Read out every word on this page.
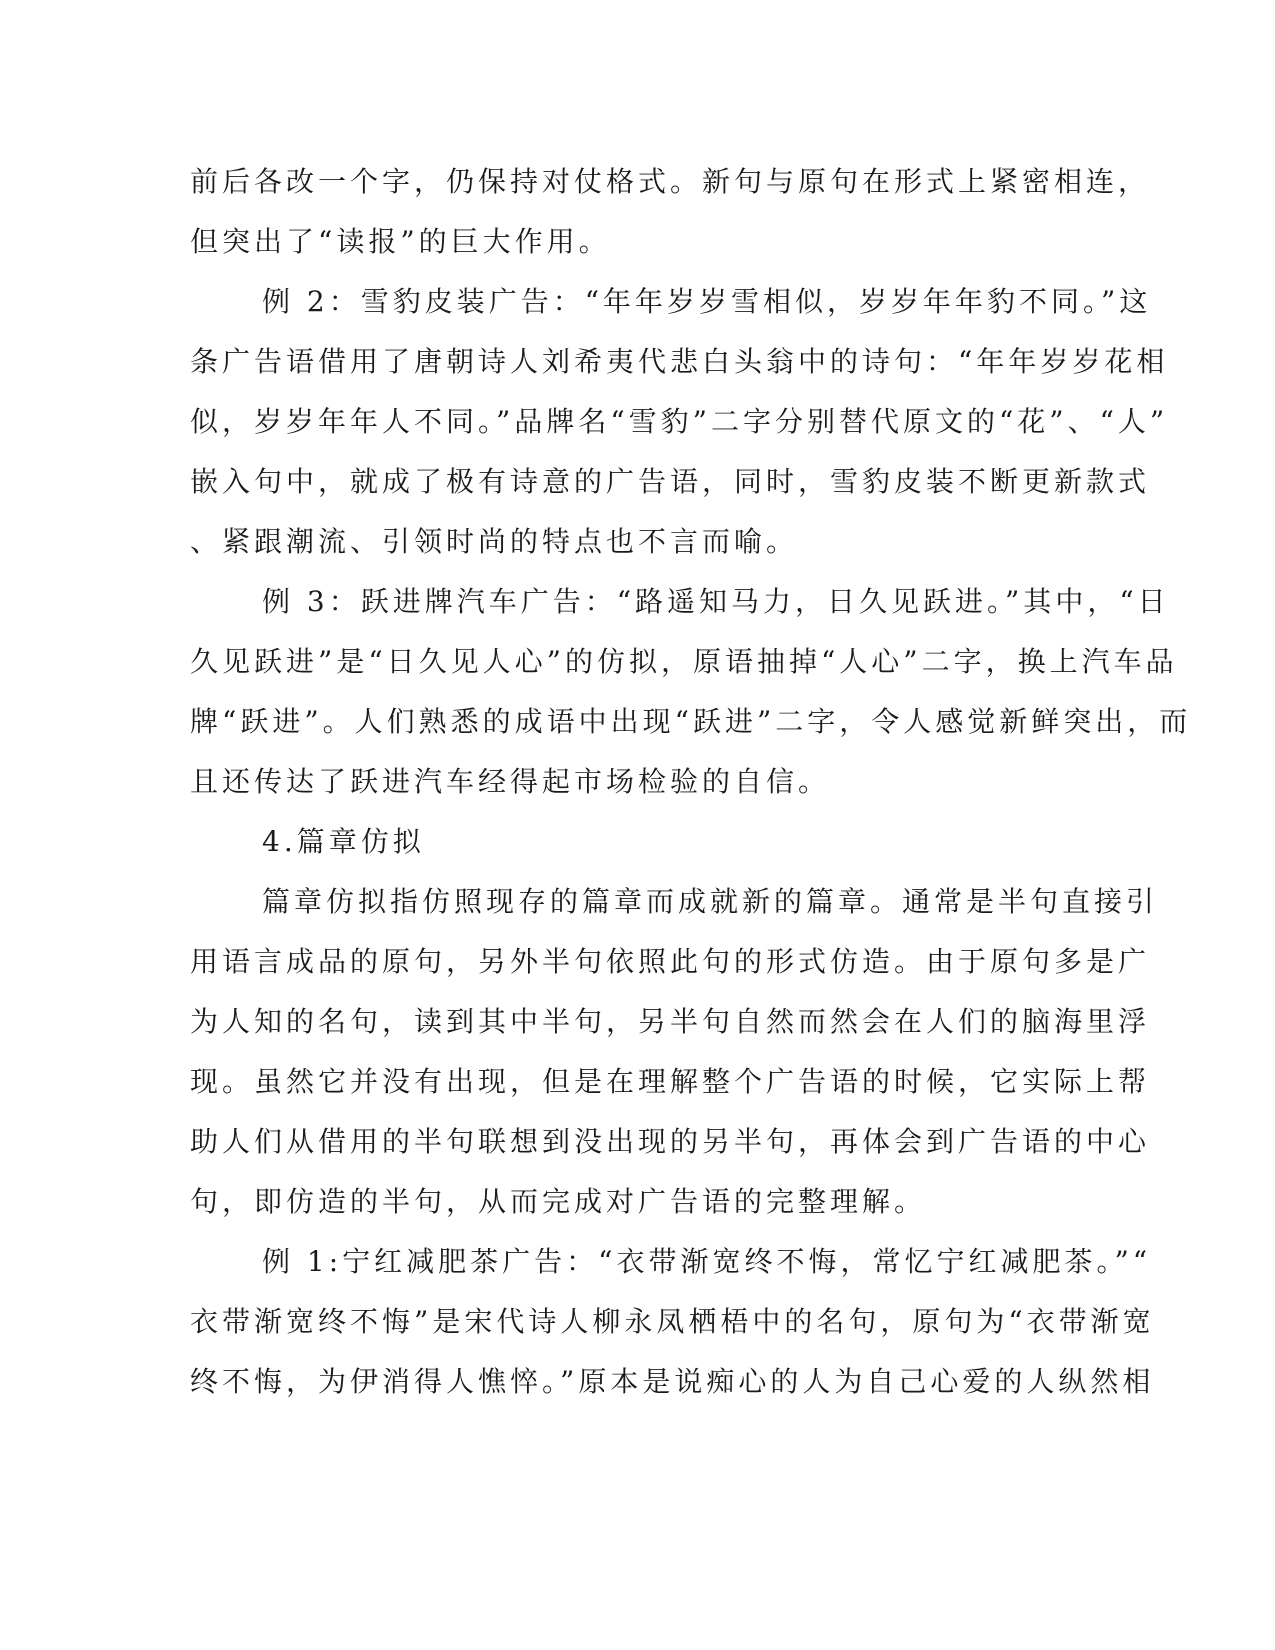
前后各改一个字，仍保持对仗格式。新句与原句在形式上紧密相连，
但突出了“读报”的巨大作用。
例 2：雪豹皮装广告：“年年岁岁雪相似，岁岁年年豹不同。”这
条广告语借用了唐朝诗人刘希夷代悲白头翁中的诗句：“年年岁岁花相
似，岁岁年年人不同。”品牌名“雪豹”二字分别替代原文的“花”、“人”
嵌入句中，就成了极有诗意的广告语，同时，雪豹皮装不断更新款式
、紧跟潮流、引领时尚的特点也不言而喻。
例 3：跃进牌汽车广告：“路遥知马力，日久见跃进。”其中，“日
久见跃进”是“日久见人心”的仿拟，原语抽掉“人心”二字，换上汽车品
牌“跃进”。人们熟悉的成语中出现“跃进”二字，令人感觉新鲜突出，而
且还传达了跃进汽车经得起市场检验的自信。
4.篇章仿拟
篇章仿拟指仿照现存的篇章而成就新的篇章。通常是半句直接引
用语言成品的原句，另外半句依照此句的形式仿造。由于原句多是广
为人知的名句，读到其中半句，另半句自然而然会在人们的脑海里浮
现。虽然它并没有出现，但是在理解整个广告语的时候，它实际上帮
助人们从借用的半句联想到没出现的另半句，再体会到广告语的中心
句，即仿造的半句，从而完成对广告语的完整理解。
例 1:宁红减肥茶广告：“衣带渐宽终不悔，常忆宁红减肥茶。”“
衣带渐宽终不悔”是宋代诗人柳永凤栖梧中的名句，原句为“衣带渐宽
终不悔，为伊消得人憔悴。”原本是说痴心的人为自己心爱的人纵然相
